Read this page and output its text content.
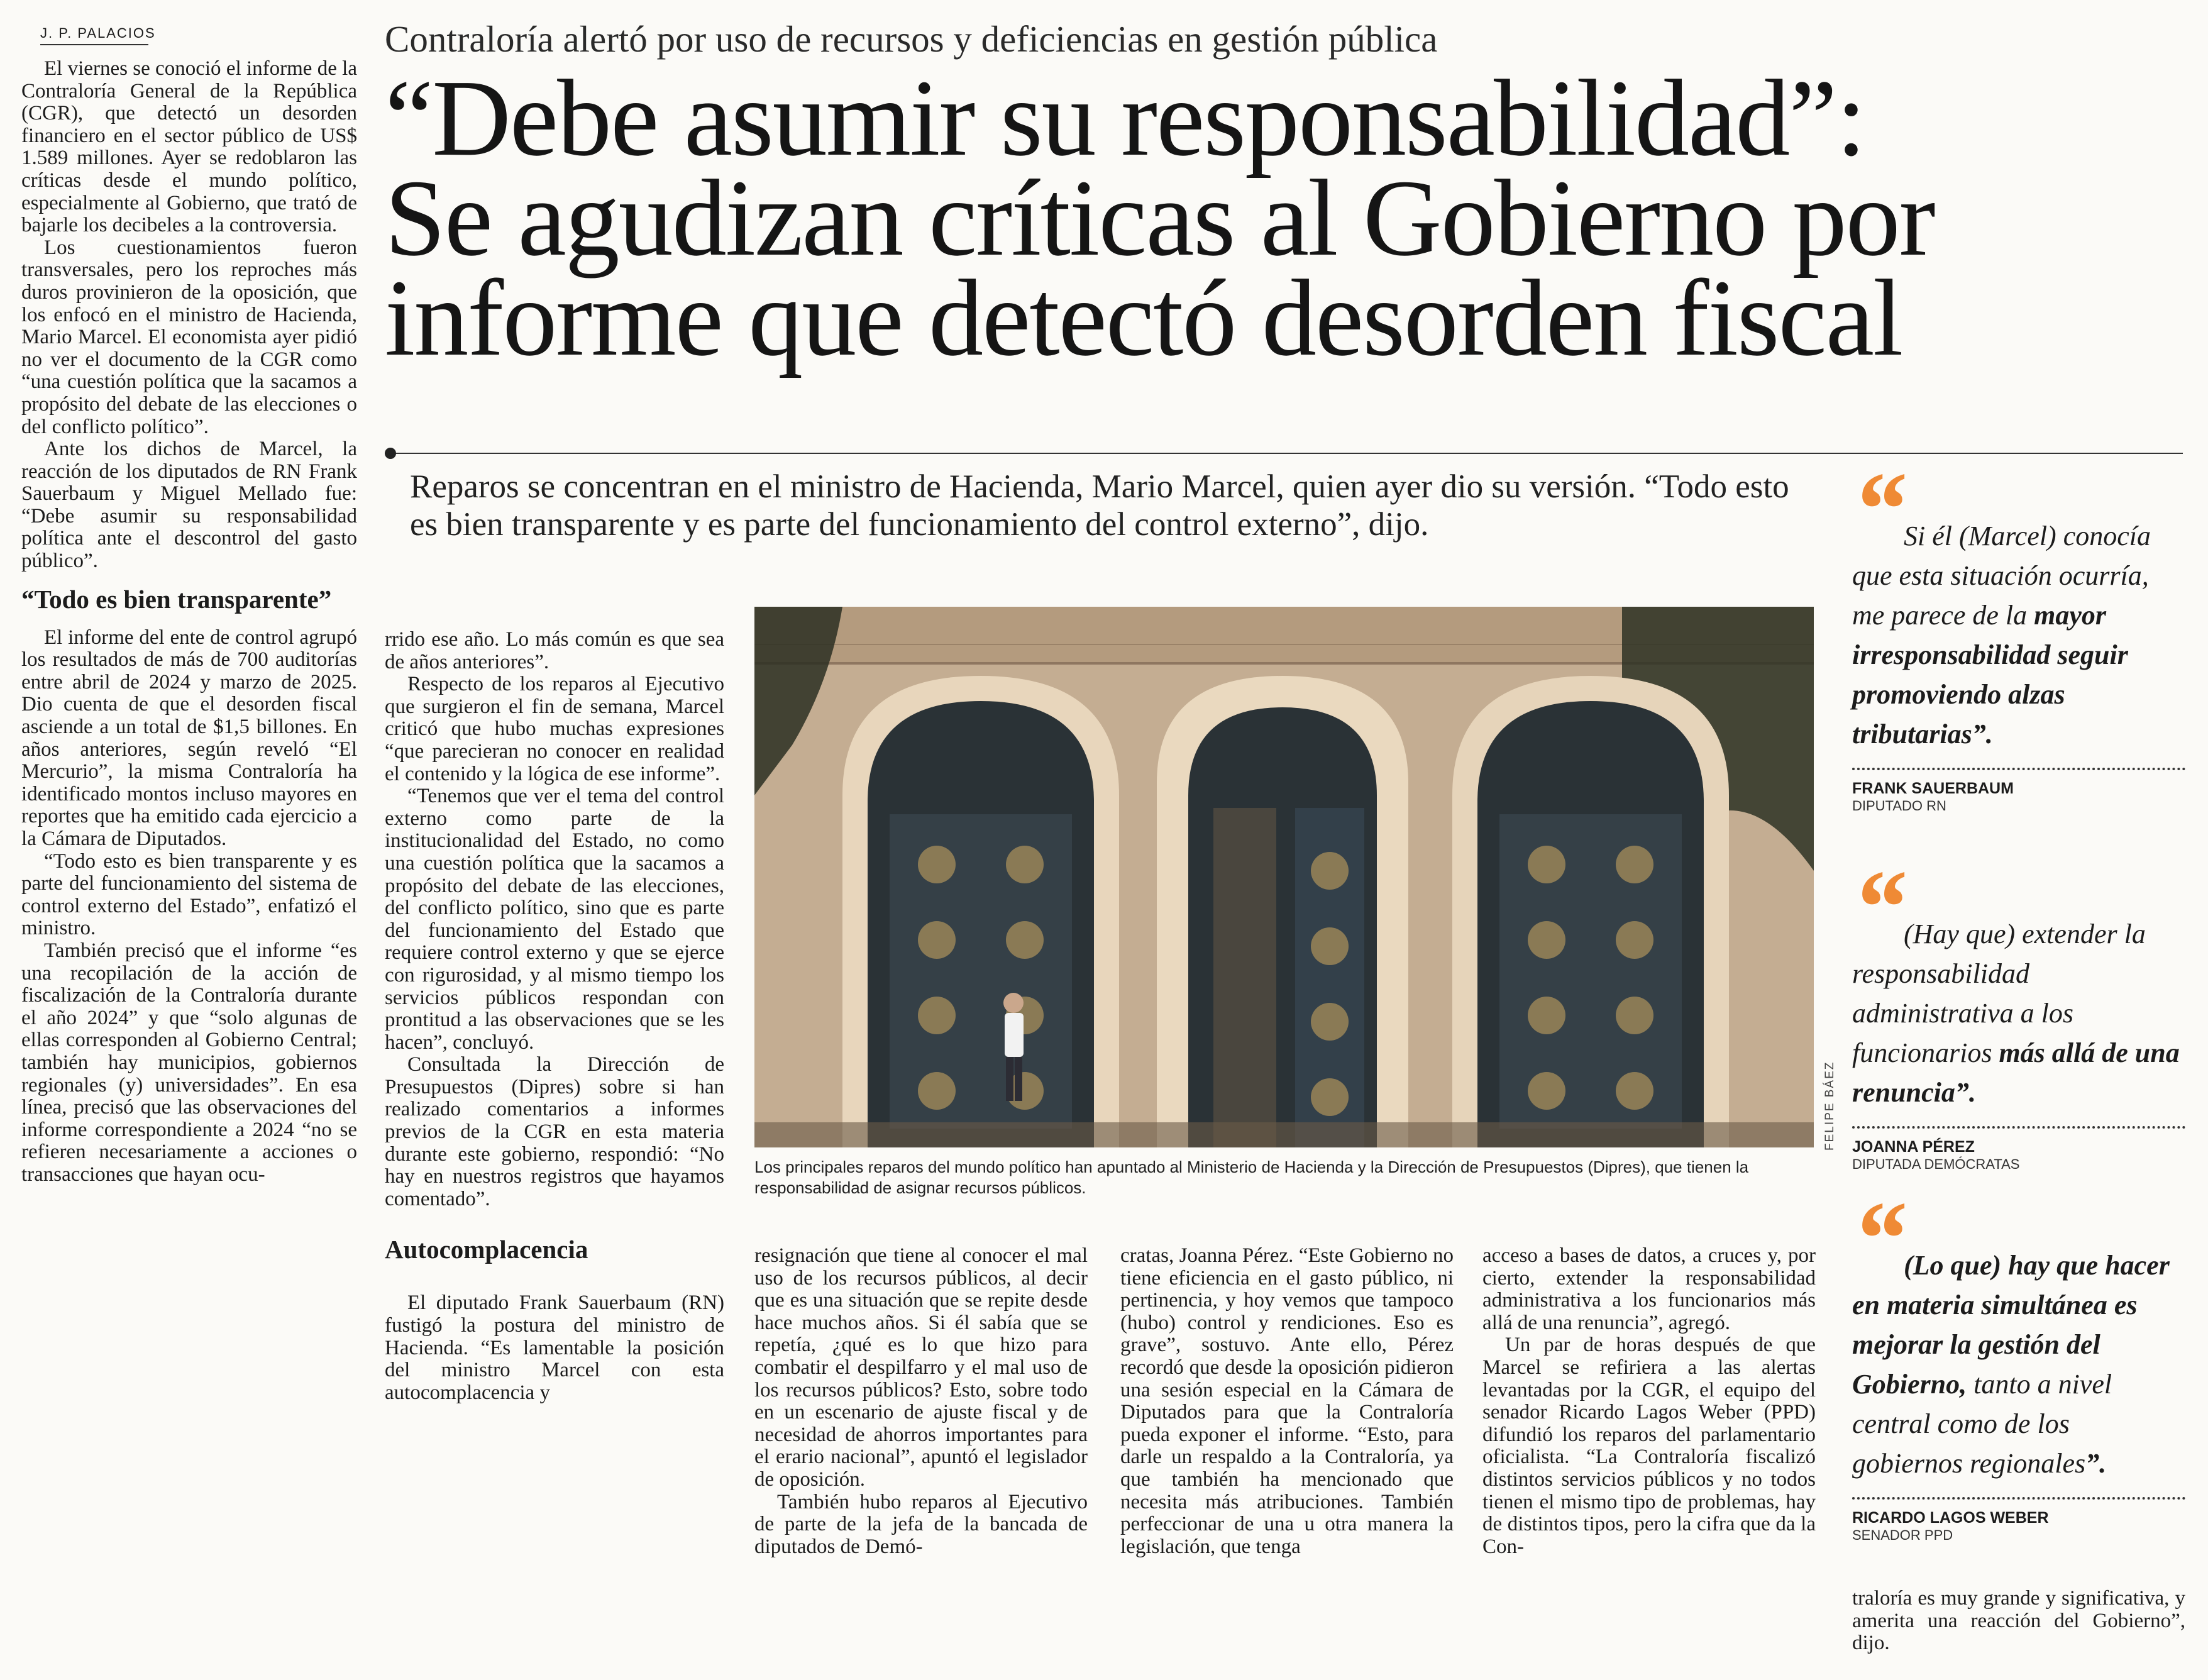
J. P. PALACIOS

El viernes se conoció el informe de la Contraloría General de la República (CGR), que detectó un desorden financiero en el sector público de US$ 1.589 millones. Ayer se redoblaron las críticas desde el mundo político, especialmente al Gobierno, que trató de bajarle los decibeles a la controversia.

Los cuestionamientos fueron transversales, pero los reproches más duros provinieron de la oposición, que los enfocó en el ministro de Hacienda, Mario Marcel. El economista ayer pidió no ver el documento de la CGR como “una cuestión política que la sacamos a propósito del debate de las elecciones o del conflicto político”.

Ante los dichos de Marcel, la reacción de los diputados de RN Frank Sauerbaum y Miguel Mellado fue: “Debe asumir su responsabilidad política ante el descontrol del gasto público”.

“Todo es bien transparente”

El informe del ente de control agrupó los resultados de más de 700 auditorías entre abril de 2024 y marzo de 2025. Dio cuenta de que el desorden fiscal asciende a un total de $1,5 billones. En años anteriores, según reveló “El Mercurio”, la misma Contraloría ha identificado montos incluso mayores en reportes que ha emitido cada ejercicio a la Cámara de Diputados.

“Todo esto es bien transparente y es parte del funcionamiento del sistema de control externo del Estado”, enfatizó el ministro.

También precisó que el informe “es una recopilación de la acción de fiscalización de la Contraloría durante el año 2024” y que “solo algunas de ellas corresponden al Gobierno Central; también hay municipios, gobiernos regionales (y) universidades”. En esa línea, precisó que las observaciones del informe correspondiente a 2024 “no se refieren necesariamente a acciones o transacciones que hayan ocu-

Contraloría alertó por uso de recursos y deficiencias en gestión pública
“Debe asumir su responsabilidad”:
Se agudizan críticas al Gobierno por
informe que detectó desorden fiscal
Reparos se concentran en el ministro de Hacienda, Mario Marcel, quien ayer dio su versión. “Todo esto es bien transparente y es parte del funcionamiento del control externo”, dijo.
FELIPE BÁEZ
Los principales reparos del mundo político han apuntado al Ministerio de Hacienda y la Dirección de Presupuestos (Dipres), que tienen la responsabilidad de asignar recursos públicos.

rrido ese año. Lo más común es que sea de años anteriores”.

Respecto de los reparos al Ejecutivo que surgieron el fin de semana, Marcel criticó que hubo muchas expresiones “que parecieran no conocer en realidad el contenido y la lógica de ese informe”.

“Tenemos que ver el tema del control externo como parte de la institucionalidad del Estado, no como una cuestión política que la sacamos a propósito del debate de las elecciones, del conflicto político, sino que es parte del funcionamiento del Estado que requiere control externo y que se ejerce con rigurosidad, y al mismo tiempo los servicios públicos respondan con prontitud a las observaciones que se les hacen”, concluyó.

Consultada la Dirección de Presupuestos (Dipres) sobre si han realizado comentarios a informes previos de la CGR en esta materia durante este gobierno, respondió: “No hay en nuestros registros que hayamos comentado”.

Autocomplacencia

El diputado Frank Sauerbaum (RN) fustigó la postura del ministro de Hacienda. “Es lamentable la posición del ministro Marcel con esta autocomplacencia y

resignación que tiene al conocer el mal uso de los recursos públicos, al decir que es una situación que se repite desde hace muchos años. Si él sabía que se repetía, ¿qué es lo que hizo para combatir el despilfarro y el mal uso de los recursos públicos? Esto, sobre todo en un escenario de ajuste fiscal y de necesidad de ahorros importantes para el erario nacional”, apuntó el legislador de oposición.

También hubo reparos al Ejecutivo de parte de la jefa de la bancada de diputados de Demó-

cratas, Joanna Pérez. “Este Gobierno no tiene eficiencia en el gasto público, ni pertinencia, y hoy vemos que tampoco (hubo) control y rendiciones. Eso es grave”, sostuvo. Ante ello, Pérez recordó que desde la oposición pidieron una sesión especial en la Cámara de Diputados para que la Contraloría pueda exponer el informe. “Esto, para darle un respaldo a la Contraloría, ya que también ha mencionado que necesita más atribuciones. También perfeccionar de una u otra manera la legislación, que tenga

acceso a bases de datos, a cruces y, por cierto, extender la responsabilidad administrativa a los funcionarios más allá de una renuncia”, agregó.

Un par de horas después de que Marcel se refiriera a las alertas levantadas por la CGR, el equipo del senador Ricardo Lagos Weber (PPD) difundió los reparos del parlamentario oficialista. “La Contraloría fiscalizó distintos servicios públicos y no todos tienen el mismo tipo de problemas, hay de distintos tipos, pero la cifra que da la Con-

“ Si él (Marcel) conocía que esta situación ocurría, me parece de la mayor irresponsabilidad seguir promoviendo alzas tributarias”.
FRANK SAUERBAUM
DIPUTADO RN
“ (Hay que) extender la responsabilidad administrativa a los funcionarios más allá de una renuncia”.
JOANNA PÉREZ
DIPUTADA DEMÓCRATAS
“ (Lo que) hay que hacer en materia simultánea es mejorar la gestión del Gobierno, tanto a nivel central como de los gobiernos regionales”.
RICARDO LAGOS WEBER
SENADOR PPD

traloría es muy grande y significativa, y amerita una reacción del Gobierno”, dijo.
